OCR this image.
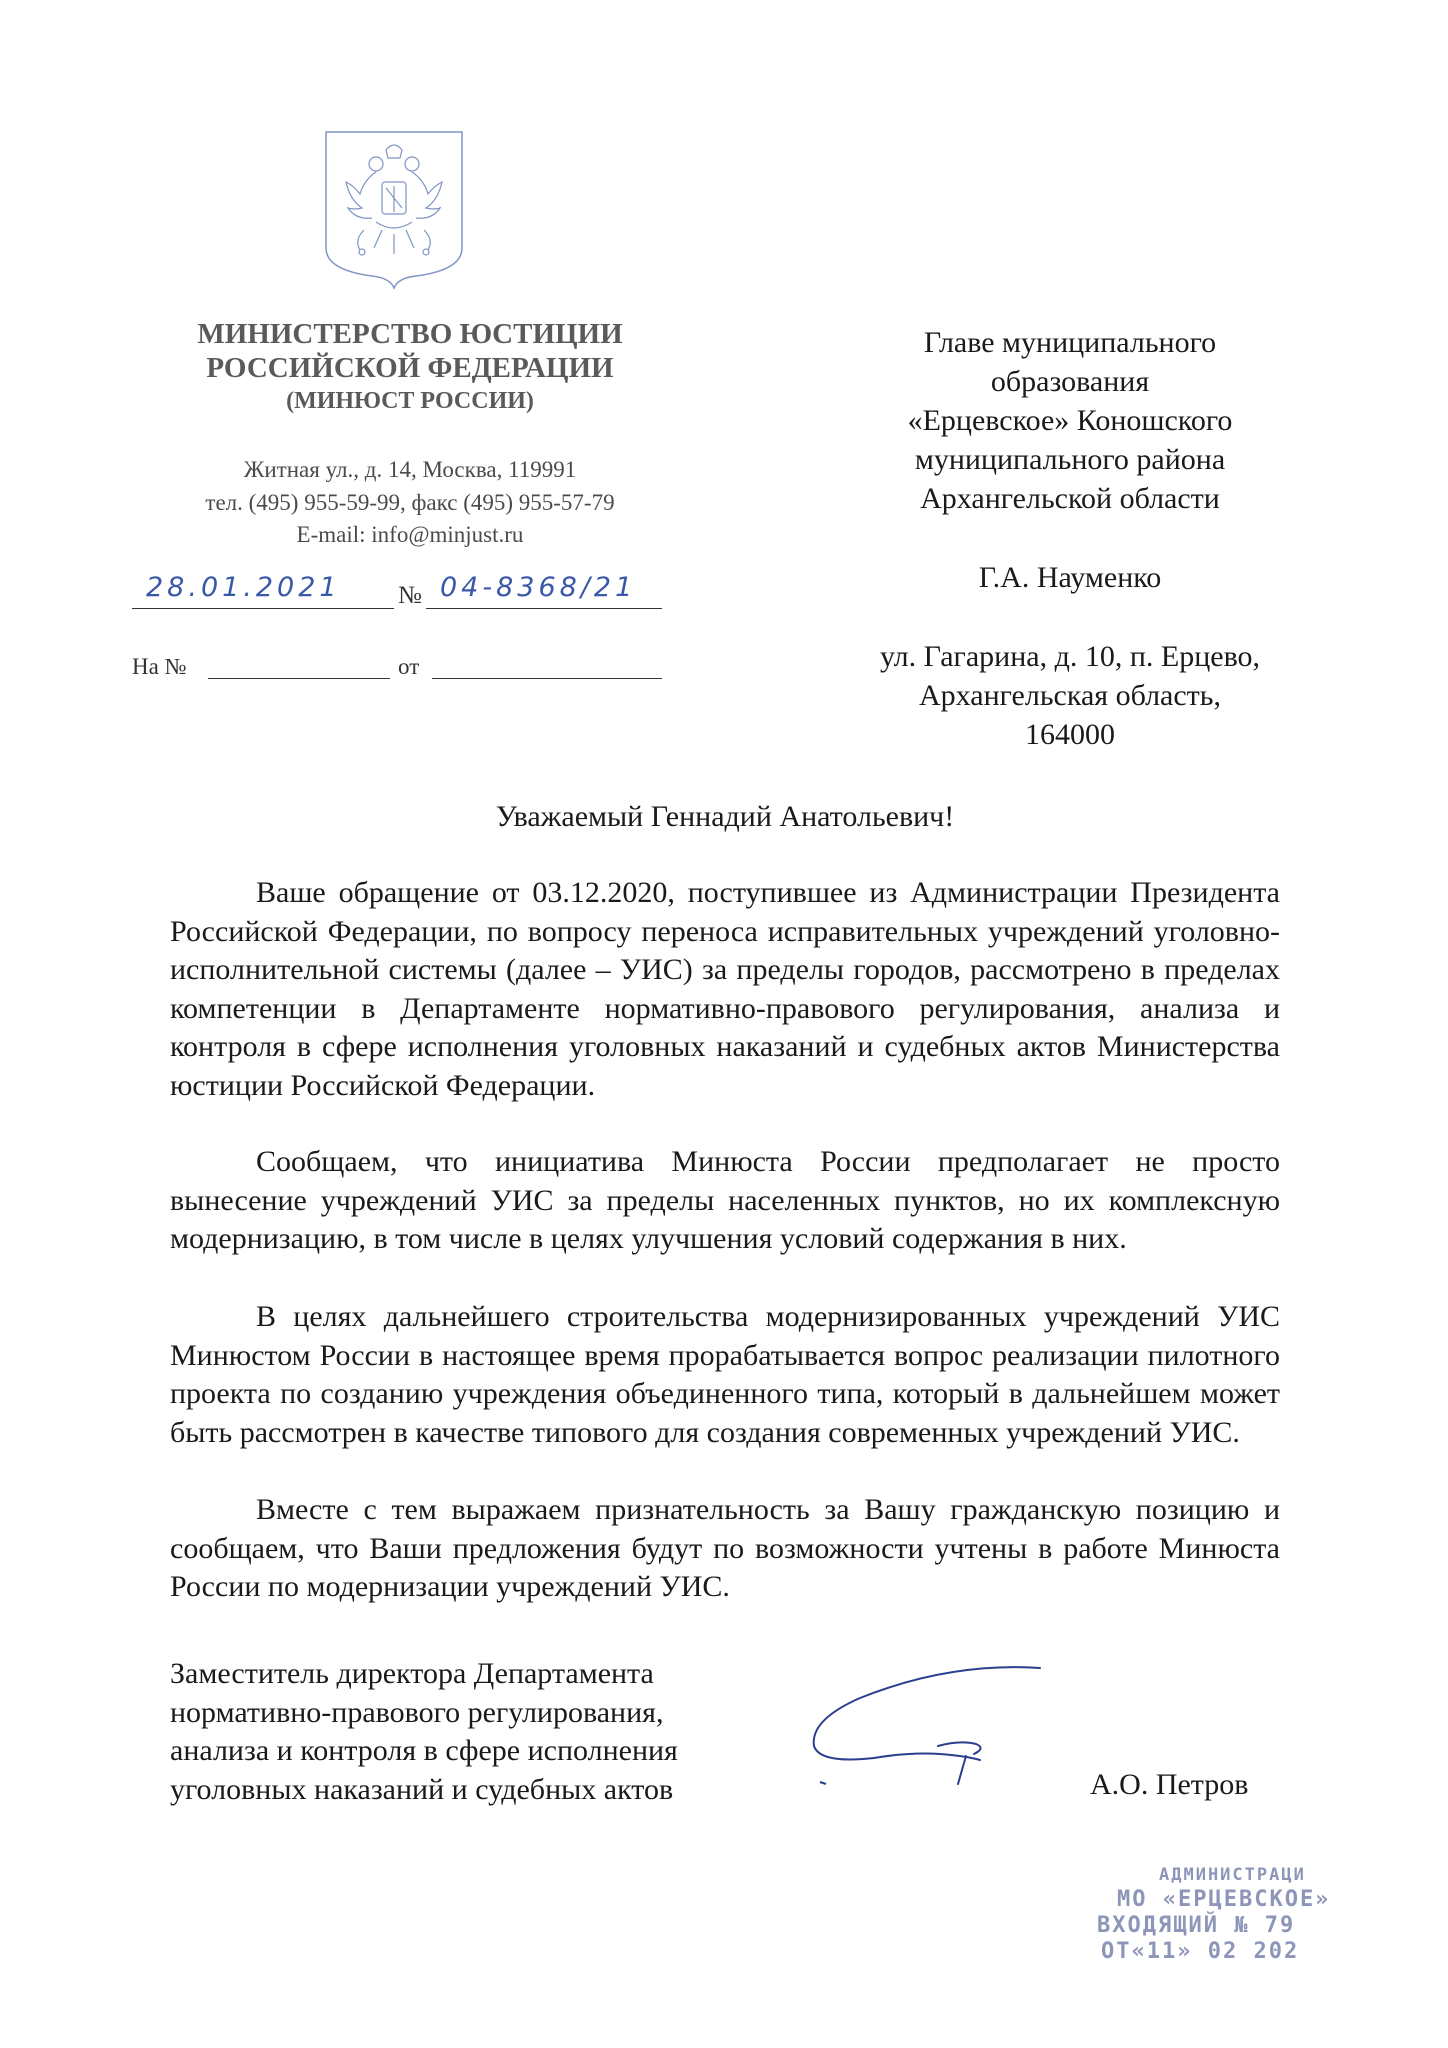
МИНИСТЕРСТВО ЮСТИЦИИ
РОССИЙСКОЙ ФЕДЕРАЦИИ
(МИНЮСТ РОССИИ)
Житная ул., д. 14, Москва, 119991
тел. (495) 955-59-99, факс (495) 955-57-79
E-mail: info@minjust.ru
28.01.2021 № 04-8368/21
На №	от
Главе муниципального
образования
«Ерцевское» Коношского
муниципального района
Архангельской области
Г.А. Науменко
ул. Гагарина, д. 10, п. Ерцево,
Архангельская область,
164000
Уважаемый Геннадий Анатольевич!

Ваше обращение от 03.12.2020, поступившее из Администрации Президента Российской Федерации, по вопросу переноса исправительных учреждений уголовно-исполнительной системы (далее – УИС) за пределы городов, рассмотрено в пределах компетенции в Департаменте нормативно-правового регулирования, анализа и контроля в сфере исполнения уголовных наказаний и судебных актов Министерства юстиции Российской Федерации.

Сообщаем, что инициатива Минюста России предполагает не просто вынесение учреждений УИС за пределы населенных пунктов, но их комплексную модернизацию, в том числе в целях улучшения условий содержания в них.

В целях дальнейшего строительства модернизированных учреждений УИС Минюстом России в настоящее время прорабатывается вопрос реализации пилотного проекта по созданию учреждения объединенного типа, который в дальнейшем может быть рассмотрен в качестве типового для создания современных учреждений УИС.

Вместе с тем выражаем признательность за Вашу гражданскую позицию и сообщаем, что Ваши предложения будут по возможности учтены в работе Минюста России по модернизации учреждений УИС.

Заместитель директора Департамента
нормативно-правового регулирования,
анализа и контроля в сфере исполнения
уголовных наказаний и судебных актов	А.О. Петров
АДМИНИСТРАЦИ
МО «ЕРЦЕВСКОЕ»
ВХОДЯЩИЙ № 79
ОТ«11» 02 202
